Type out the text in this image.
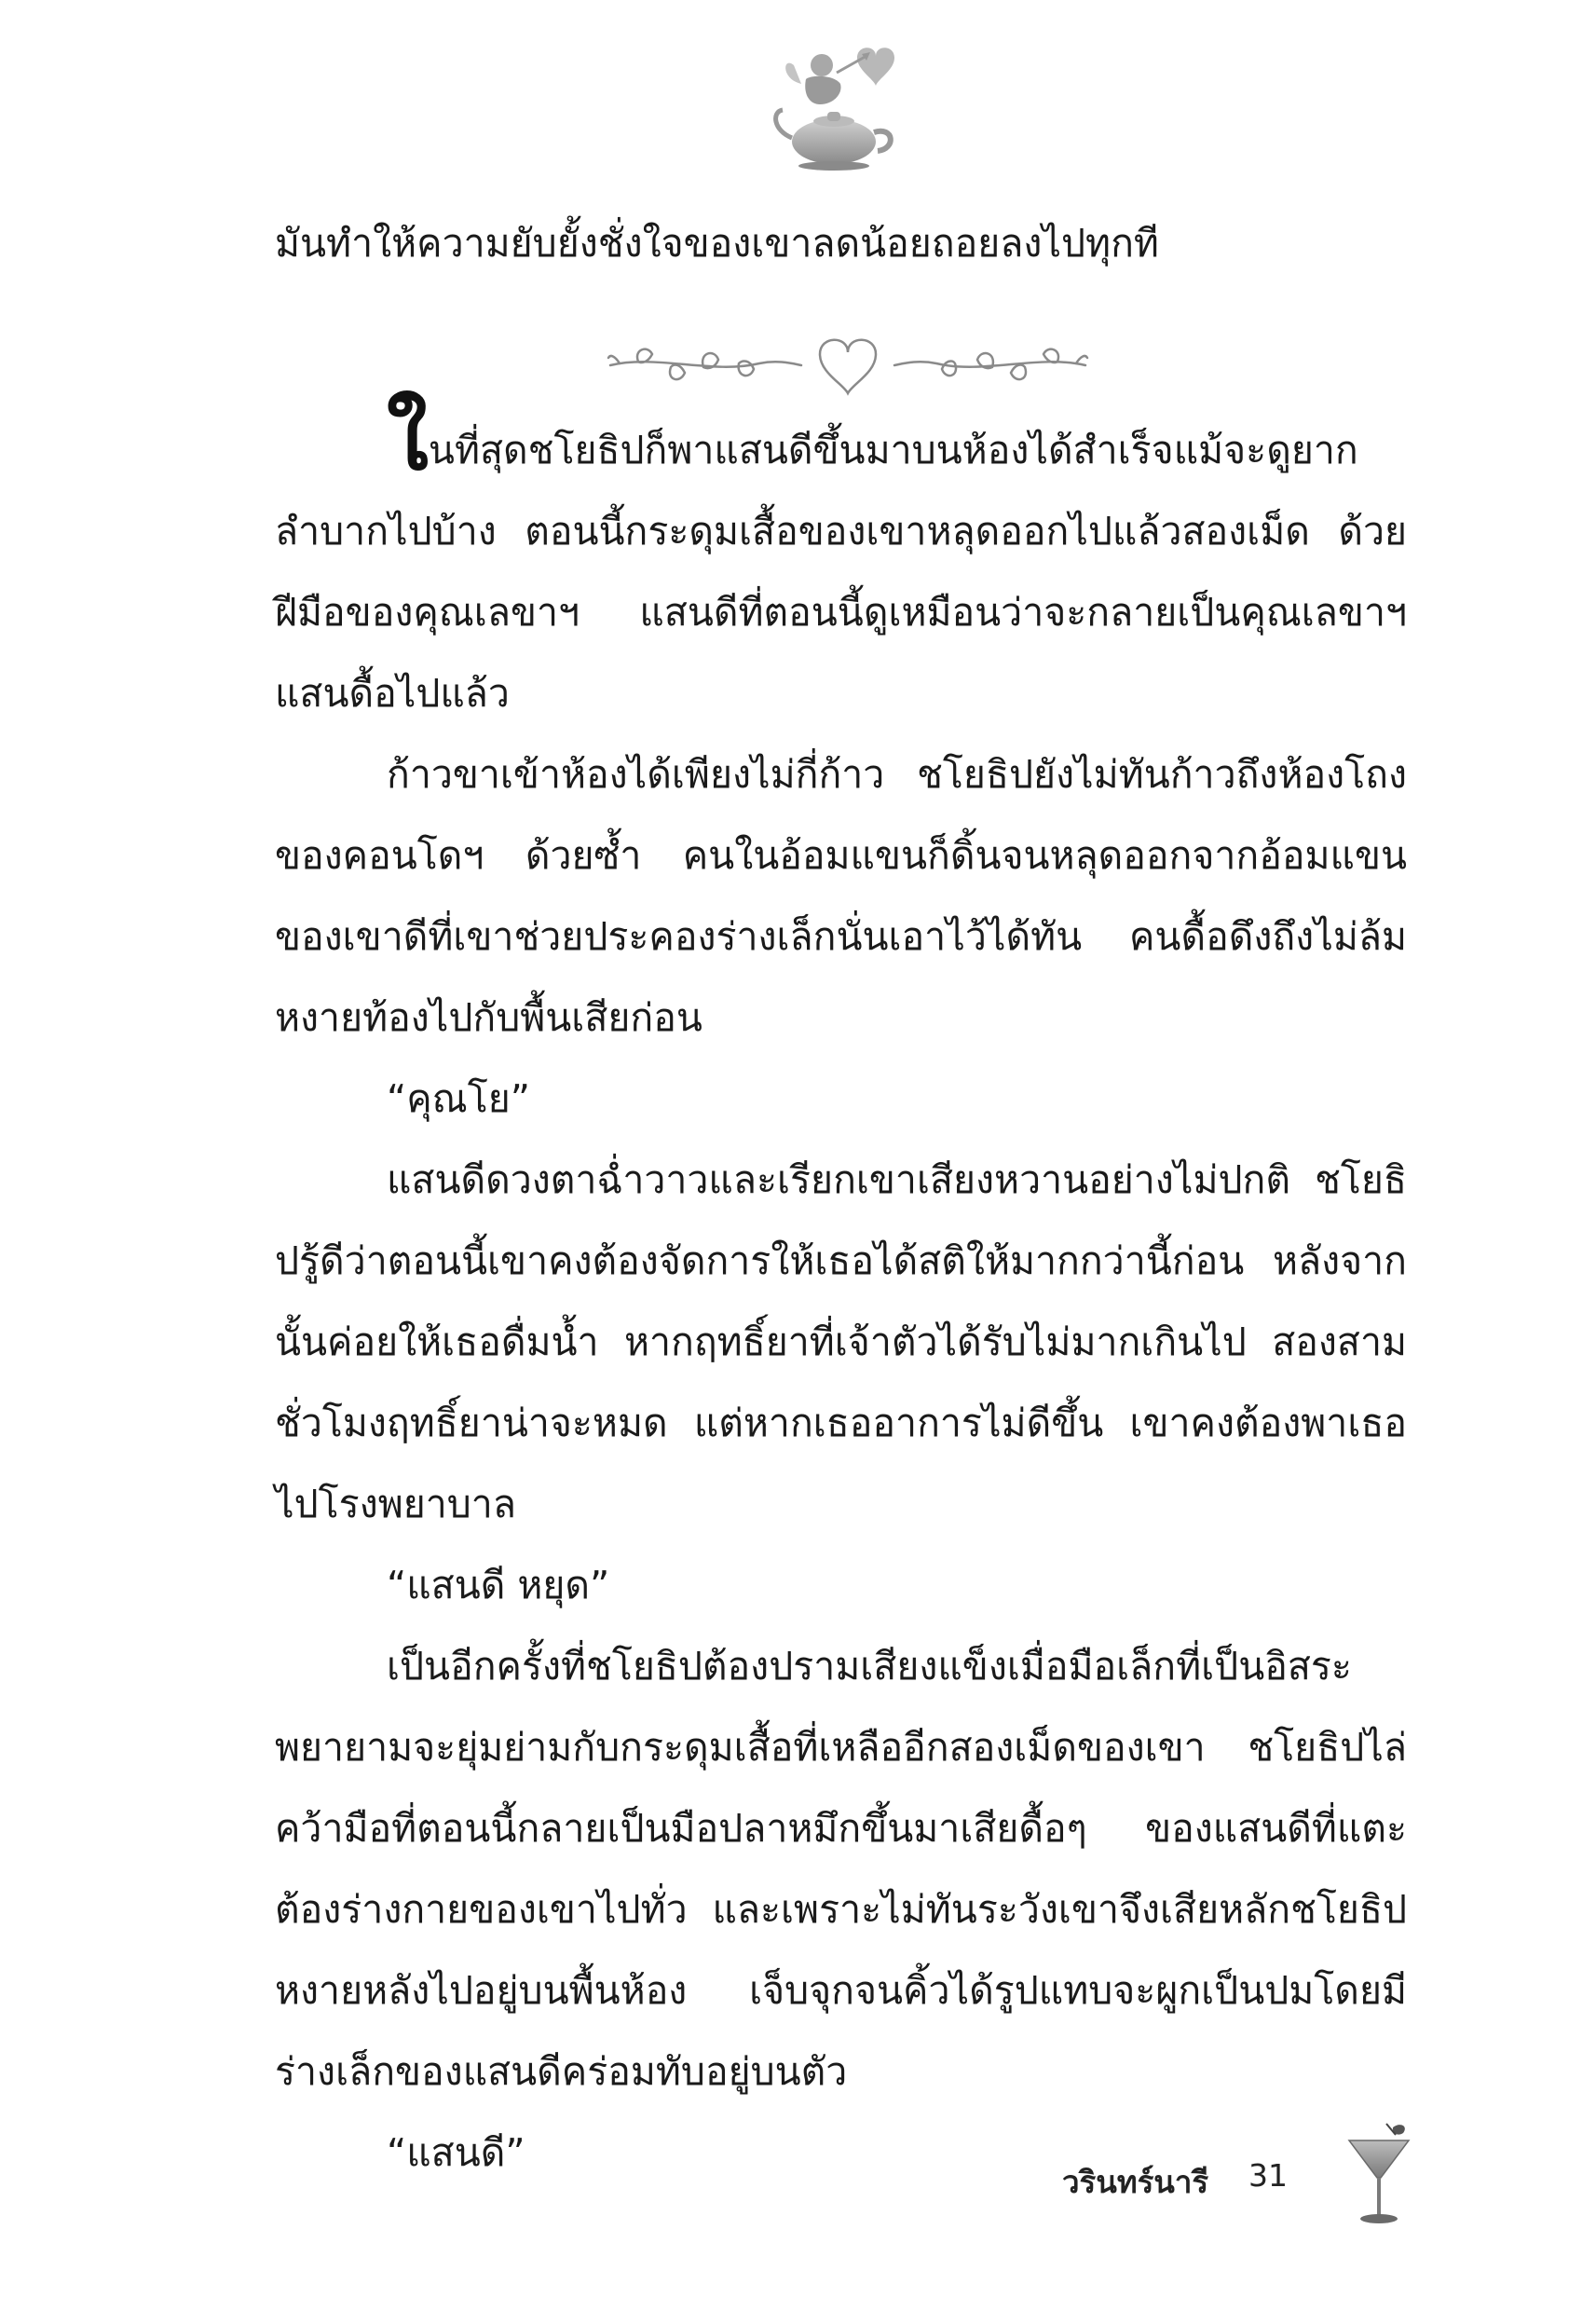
มันทำให้ความยับยั้งชั่งใจของเขาลดน้อยถอยลงไปทุกที

ในที่สุดชโยธิปก็พาแสนดีขึ้นมาบนห้องได้สำเร็จแม้จะดูยากลำบากไปบ้าง ตอนนี้กระดุมเสื้อของเขาหลุดออกไปแล้วสองเม็ด ด้วยฝีมือของคุณเลขาฯ แสนดีที่ตอนนี้ดูเหมือนว่าจะกลายเป็นคุณเลขาฯ แสนดื้อไปแล้ว

ก้าวขาเข้าห้องได้เพียงไม่กี่ก้าว ชโยธิปยังไม่ทันก้าวถึงห้องโถงของคอนโดฯ ด้วยซ้ำ คนในอ้อมแขนก็ดิ้นจนหลุดออกจากอ้อมแขนของเขาดีที่เขาช่วยประคองร่างเล็กนั่นเอาไว้ได้ทัน คนดื้อดึงถึงไม่ล้มหงายท้องไปกับพื้นเสียก่อน

“คุณโย”

แสนดีดวงตาฉ่ำวาวและเรียกเขาเสียงหวานอย่างไม่ปกติ ชโยธิปรู้ดีว่าตอนนี้เขาคงต้องจัดการให้เธอได้สติให้มากกว่านี้ก่อน หลังจากนั้นค่อยให้เธอดื่มน้ำ หากฤทธิ์ยาที่เจ้าตัวได้รับไม่มากเกินไป สองสามชั่วโมงฤทธิ์ยาน่าจะหมด แต่หากเธออาการไม่ดีขึ้น เขาคงต้องพาเธอไปโรงพยาบาล

“แสนดี หยุด”

เป็นอีกครั้งที่ชโยธิปต้องปรามเสียงแข็งเมื่อมือเล็กที่เป็นอิสระพยายามจะยุ่มย่ามกับกระดุมเสื้อที่เหลืออีกสองเม็ดของเขา ชโยธิปไล่คว้ามือที่ตอนนี้กลายเป็นมือปลาหมึกขึ้นมาเสียดื้อๆ ของแสนดีที่แตะต้องร่างกายของเขาไปทั่ว และเพราะไม่ทันระวังเขาจึงเสียหลักชโยธิปหงายหลังไปอยู่บนพื้นห้อง เจ็บจุกจนคิ้วได้รูปแทบจะผูกเป็นปมโดยมีร่างเล็กของแสนดีคร่อมทับอยู่บนตัว

“แสนดี”

วรินทร์นารี 31
